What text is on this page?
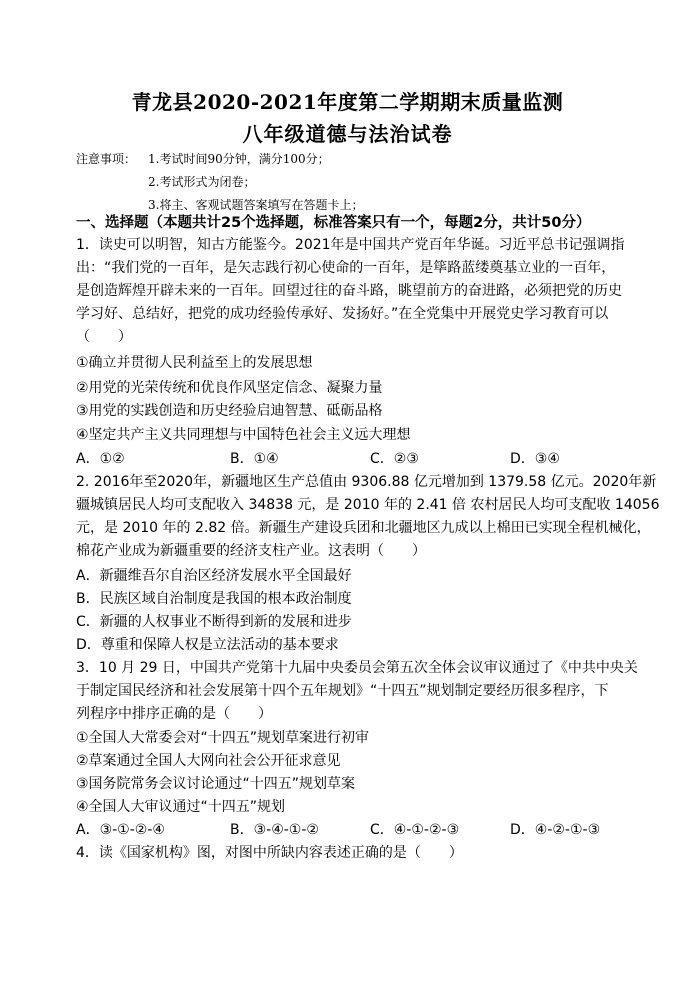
青龙县2020-2021年度第二学期期末质量监测
八年级道德与法治试卷
注意事项： 1.考试时间90分钟，满分100分；
2.考试形式为闭卷；
3.将主、客观试题答案填写在答题卡上；
一、选择题（本题共计25个选择题，标准答案只有一个，每题2分，共计50分）
1．读史可以明智，知古方能鉴今。2021年是中国共产党百年华诞。习近平总书记强调指
出：“我们党的一百年，是矢志践行初心使命的一百年，是筚路蓝缕奠基立业的一百年，
是创造辉煌开辟未来的一百年。回望过往的奋斗路，眺望前方的奋进路，必须把党的历史
学习好、总结好，把党的成功经验传承好、发扬好。”在全党集中开展党史学习教育可以
（　　）
①确立并贯彻人民利益至上的发展思想
②用党的光荣传统和优良作风坚定信念、凝聚力量
③用党的实践创造和历史经验启迪智慧、砥砺品格
④坚定共产主义共同理想与中国特色社会主义远大理想
A．①②	B．①④	C．②③	D．③④
2. 2016年至2020年，新疆地区生产总值由 9306.88 亿元增加到 1379.58 亿元。2020年新
疆城镇居民人均可支配收入 34838 元，是 2010 年的 2.41 倍 农村居民人均可支配收 14056
元，是 2010 年的 2.82 倍。新疆生产建设兵团和北疆地区九成以上棉田已实现全程机械化，
棉花产业成为新疆重要的经济支柱产业。这表明（　　）
A．新疆维吾尔自治区经济发展水平全国最好
B．民族区域自治制度是我国的根本政治制度
C．新疆的人权事业不断得到新的发展和进步
D．尊重和保障人权是立法活动的基本要求
3．10 月 29 日，中国共产党第十九届中央委员会第五次全体会议审议通过了《中共中央关
于制定国民经济和社会发展第十四个五年规划》“十四五”规划制定要经历很多程序，下
列程序中排序正确的是（　　）
①全国人大常委会对“十四五”规划草案进行初审
②草案通过全国人大网向社会公开征求意见
③国务院常务会议讨论通过“十四五”规划草案
④全国人大审议通过“十四五”规划
A．③-①-②-④	B．③-④-①-②	C．④-①-②-③	D．④-②-①-③
4．读《国家机构》图，对图中所缺内容表述正确的是（　　）
